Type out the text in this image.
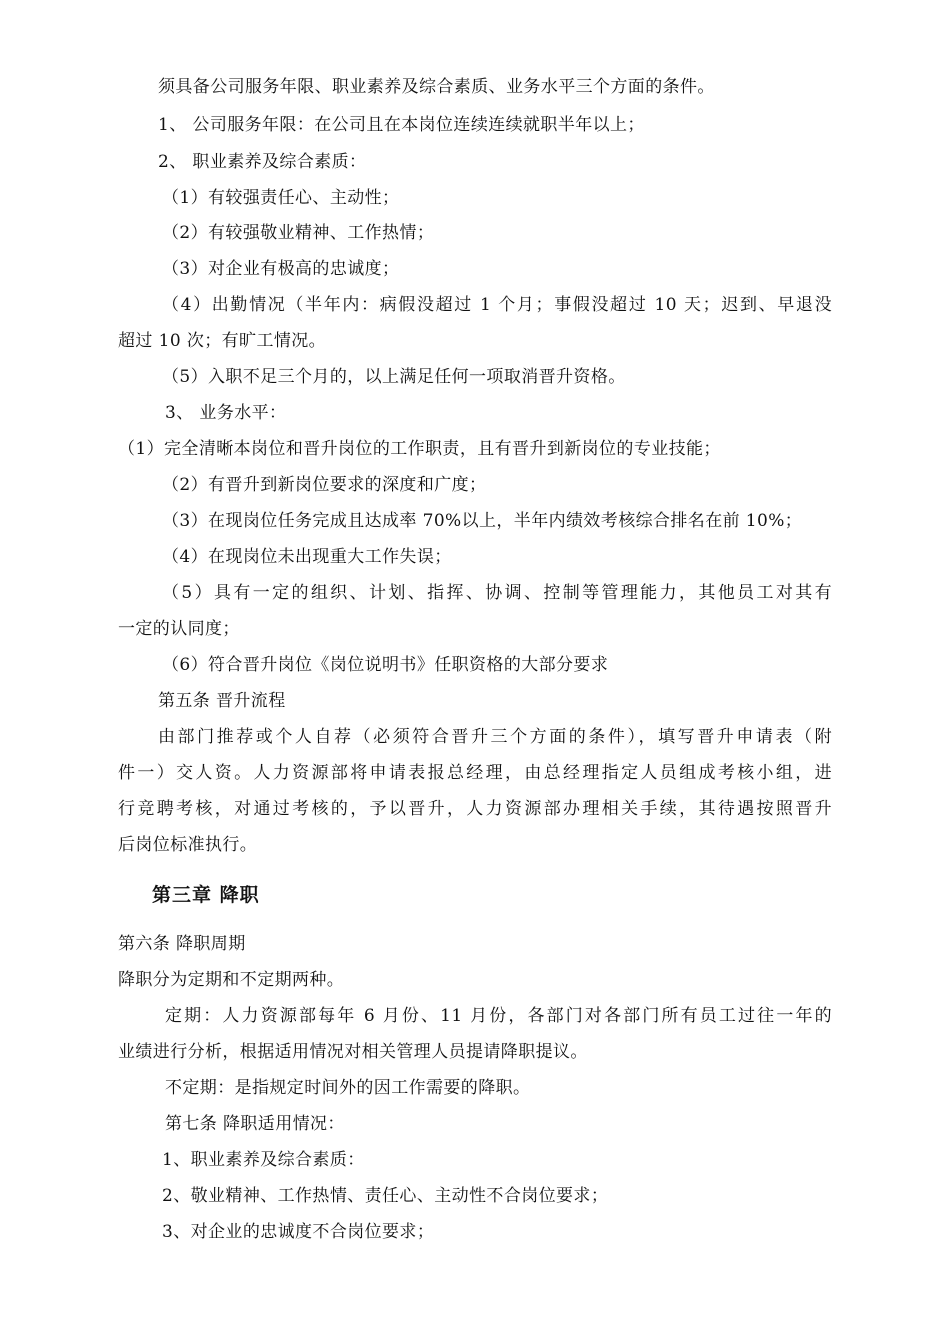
须具备公司服务年限、职业素养及综合素质、业务水平三个方面的条件。
1、 公司服务年限：在公司且在本岗位连续连续就职半年以上；
2、 职业素养及综合素质：
（1）有较强责任心、主动性；
（2）有较强敬业精神、工作热情；
（3）对企业有极高的忠诚度；
（4）出勤情况（半年内：病假没超过 1 个月；事假没超过 10 天；迟到、早退没
超过 10 次；有旷工情况。
（5）入职不足三个月的，以上满足任何一项取消晋升资格。
3、 业务水平：
（1）完全清晰本岗位和晋升岗位的工作职责，且有晋升到新岗位的专业技能；
（2）有晋升到新岗位要求的深度和广度；
（3）在现岗位任务完成且达成率 70%以上，半年内绩效考核综合排名在前 10%；
（4）在现岗位未出现重大工作失误；
（5）具有一定的组织、计划、指挥、协调、控制等管理能力，其他员工对其有
一定的认同度；
（6）符合晋升岗位《岗位说明书》任职资格的大部分要求
第五条 晋升流程
由部门推荐或个人自荐（必须符合晋升三个方面的条件），填写晋升申请表（附
件一）交人资。人力资源部将申请表报总经理，由总经理指定人员组成考核小组，进
行竞聘考核，对通过考核的，予以晋升，人力资源部办理相关手续，其待遇按照晋升
后岗位标准执行。
第三章 降职
第六条 降职周期
降职分为定期和不定期两种。
定期：人力资源部每年 6 月份、11 月份，各部门对各部门所有员工过往一年的
业绩进行分析，根据适用情况对相关管理人员提请降职提议。
不定期：是指规定时间外的因工作需要的降职。
第七条 降职适用情况：
1、职业素养及综合素质：
2、敬业精神、工作热情、责任心、主动性不合岗位要求；
3、对企业的忠诚度不合岗位要求；
